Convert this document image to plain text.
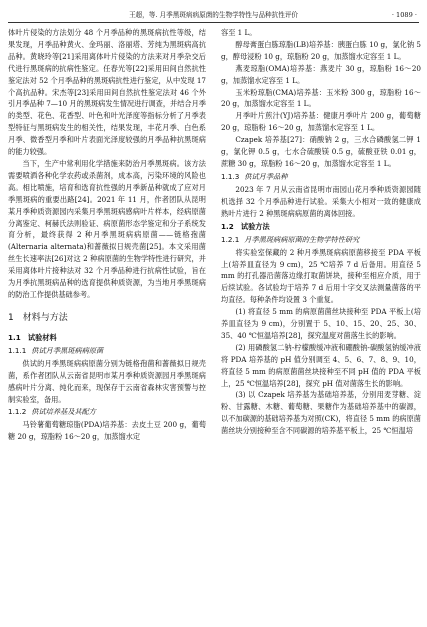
王超，等. 月季黑斑病病原菌的生物学特性与品种抗性评价	· 1089 ·

体叶片侵染的方法划分 48 个月季品种的黑斑病抗性等级，结果发现，月季品种黄火、金玛丽、洛丽塔、芳纯为黑斑病高抗品种。黄晓玲等[21]采用离体叶片侵染的方法来对月季杂交后代进行黑斑病的抗病性鉴定。任春光等[22]采用田间自然抗性鉴定法对 52 个月季品种的黑斑病抗性进行鉴定，从中发现 17 个高抗品种。宋杰等[23]采用田间自然抗性鉴定法对 46 个外引月季品种 7—10 月的黑斑病发生情况进行调查，并结合月季的类型、花色、花香型、叶色和叶光泽度等指标分析了月季表型特征与黑斑病发生的相关性，结果发现，丰花月季、白色系月季、微香型月季和叶片表面光泽度较强的月季品种抗黑斑病的能力较强。

当下，生产中常利用化学措施来防治月季黑斑病。该方法需要喷洒各种化学农药或杀菌剂，成本高，污染环境的风险也高。相比喷施，培育和选育抗性强的月季新品种就成了应对月季黑斑病的重要出路[24]。2021 年 11 月，作者团队从昆明某月季种质资源园内采集月季黑斑病感病叶片样本，经病原菌分离鉴定、柯赫氏法则验证、病原菌形态学鉴定和分子系统发育分析，最终获得 2 种月季黑斑病病原菌——链格孢菌(Alternaria alternata)和蔷薇拟日规壳菌[25]。本文采用菌丝生长速率法[26]对这 2 种病原菌的生物学特性进行研究，并采用离体叶片接种法对 32 个月季品种进行抗病性试验，旨在为月季抗黑斑病品种的选育提供种质资源，为当地月季黑斑病的防治工作提供基础参考。

1　材料与方法
1.1　试验材料
1.1.1 供试月季黑斑病病原菌

供试的月季黑斑病病原菌分别为链格孢菌和蔷薇拟日规壳菌，系作者团队从云南省昆明市某月季种质资源园月季黑斑病感病叶片分离、纯化而来，现保存于云南省森林灾害预警与控制实验室，备用。

1.1.2 供试培养基及其配方

马铃薯葡萄糖琼脂(PDA)培养基：去皮土豆 200 g，葡萄糖 20 g，琼脂粉 16～20 g，加蒸馏水定

容至 1 L。

醇母膏蛋白胨琼脂(LB)培养基：胰蛋白胨 10 g，氯化钠 5 g，醇母浸粉 10 g，琼脂粉 20 g，加蒸馏水定容至 1 L。

燕麦琼脂(OMA)培养基：燕麦片 30 g，琼脂粉 16～20 g，加蒸馏水定容至 1 L。

玉米粉琼脂(CMA)培养基：玉米粉 300 g，琼脂粉 16～20 g，加蒸馏水定容至 1 L。

月季叶片煎汁(YJ)培养基：健康月季叶片 200 g，葡萄糖 20 g，琼脂粉 16～20 g，加蒸馏水定容至 1 L。

Czapek 培养基[27]：硝酸钠 2 g，三水合磷酸氢二钾 1 g，氯化钾 0.5 g，七水合硫酸镁 0.5 g，硫酸亚铁 0.01 g，蔗糖 30 g，琼脂粉 16～20 g，加蒸馏水定容至 1 L。

1.1.3 供试月季品种

2023 年 7 月从云南省昆明市南园山花月季种质资源园随机选择 32 个月季品种进行试验。采集大小相对一致的健康成熟叶片进行 2 种黑斑病病原菌的离体回接。

1.2　试验方法
1.2.1 月季黑斑病病原菌的生物学特性研究

将实验室保藏的 2 种月季黑斑病病原菌移接至 PDA 平板上(培养皿直径为 9 cm)，25 ℃培养 7 d 后备用。用直径 5 mm 的打孔器沿菌落边缘打取菌饼块，接种至相应介质，用于后续试验。各试验均于培养 7 d 后用十字交叉法测量菌落的平均直径。每种条件均设置 3 个重复。

(1) 将直径 5 mm 的病原菌菌丝块接种至 PDA 平板上(培养皿直径为 9 cm)，分别置于 5、10、15、20、25、30、35、40 ℃恒温培养[28]，探究温度对菌落生长的影响。

(2) 用磷酸氢二钠-柠檬酸缓冲液和硼酸钠-碳酸氢钠缓冲液将 PDA 培养基的 pH 值分别调至 4、5、6、7、8、9、10，将直径 5 mm 的病原菌菌丝块接种至不同 pH 值的 PDA 平板上，25 ℃恒温培养[28]，探究 pH 值对菌落生长的影响。

(3) 以 Czapek 培养基为基础培养基，分别用麦芽糖、淀粉、甘露糖、木糖、葡萄糖、果糖作为基础培养基中的碳源，以不加碳源的基础培养基为对照(CK)，将直径 5 mm 的病原菌菌丝块分别接种至含不同碳源的培养基平板上，25 ℃恒温培
